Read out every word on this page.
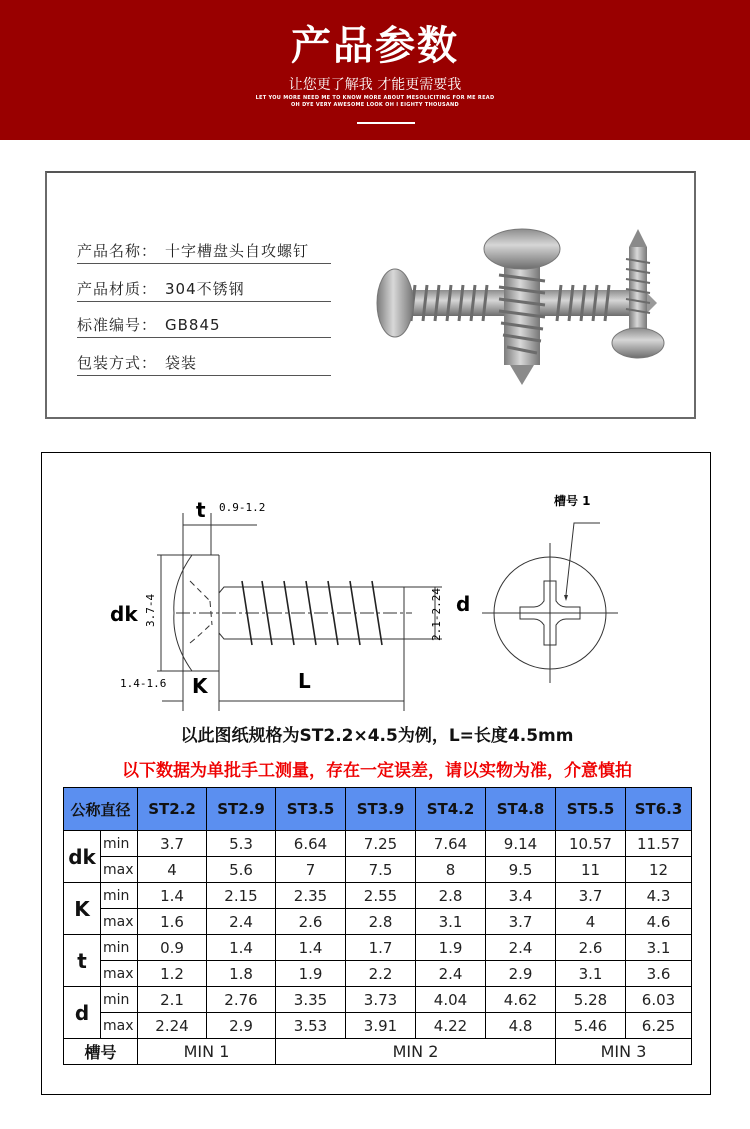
产品参数
让您更了解我 才能更需要我
LET YOU MORE NEED ME TO KNOW MORE ABOUT MESOLICITING FOR ME READ
OH DYE VERY AWESOME LOOK OH I EIGHTY THOUSAND
产品名称： 十字槽盘头自攻螺钉
产品材质： 304不锈钢
标准编号： GB845
包装方式： 袋装
t 0.9-1.2
dk 3.7-4
1.4-1.6 K	L
2.1-2.24 d
槽号 1
以此图纸规格为ST2.2×4.5为例，L=长度4.5mm
以下数据为单批手工测量，存在一定误差，请以实物为准，介意慎拍
公称直径		ST2.2	ST2.9	ST3.5	ST3.9	ST4.2	ST4.8	ST5.5	ST6.3
dk	min	3.7	5.3	6.64	7.25	7.64	9.14	10.57	11.57
	max	4	5.6	7	7.5	8	9.5	11	12
K	min	1.4	2.15	2.35	2.55	2.8	3.4	3.7	4.3
	max	1.6	2.4	2.6	2.8	3.1	3.7	4	4.6
t	min	0.9	1.4	1.4	1.7	1.9	2.4	2.6	3.1
	max	1.2	1.8	1.9	2.2	2.4	2.9	3.1	3.6
d	min	2.1	2.76	3.35	3.73	4.04	4.62	5.28	6.03
	max	2.24	2.9	3.53	3.91	4.22	4.8	5.46	6.25
槽号		MIN 1		MIN 2				MIN 3	
